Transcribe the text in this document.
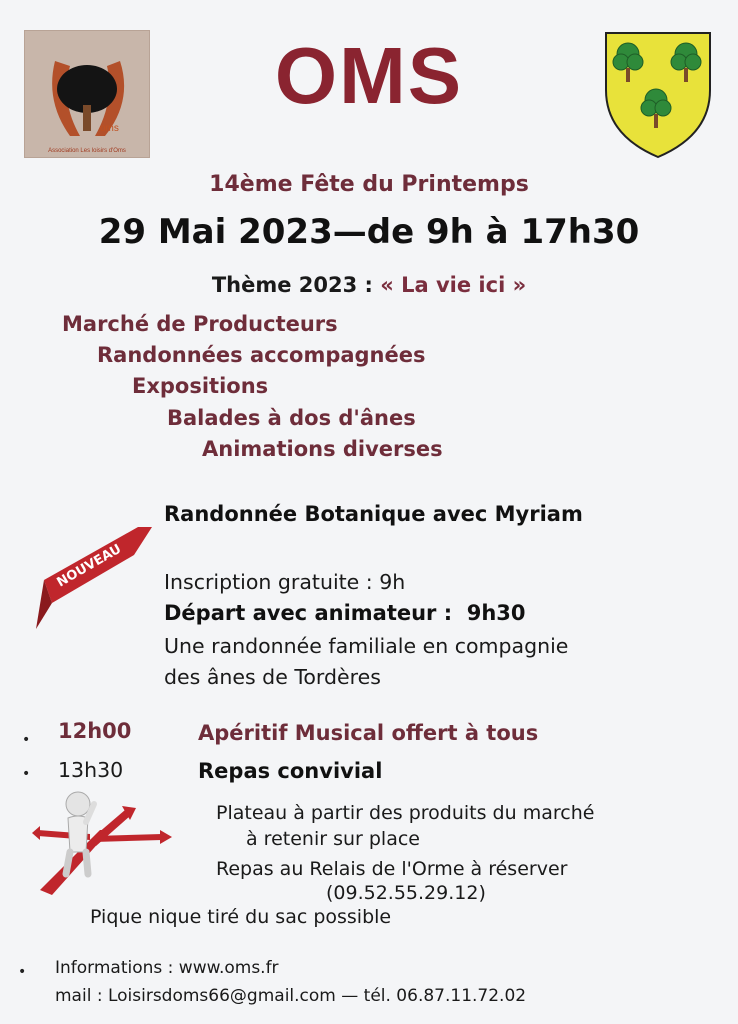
oms
Association Les loisirs d'Oms
OMS
14ème Fête du Printemps
29 Mai 2023—de 9h à 17h30
Thème 2023 : « La vie ici »
Marché de Producteurs
Randonnées accompagnées
Expositions
Balades à dos d'ânes
Animations diverses
Randonnée Botanique avec Myriam
NOUVEAU Inscription gratuite : 9h
Départ avec animateur : 9h30
Une randonnée familiale en compagnie
des ânes de Tordères
• 12h00	Apéritif Musical offert à tous
• 13h30	Repas convivial
Plateau à partir des produits du marché
à retenir sur place
Repas au Relais de l'Orme à réserver
(09.52.55.29.12)
Pique nique tiré du sac possible
• Informations : www.oms.fr
mail : Loisirsdoms66@gmail.com — tél. 06.87.11.72.02
